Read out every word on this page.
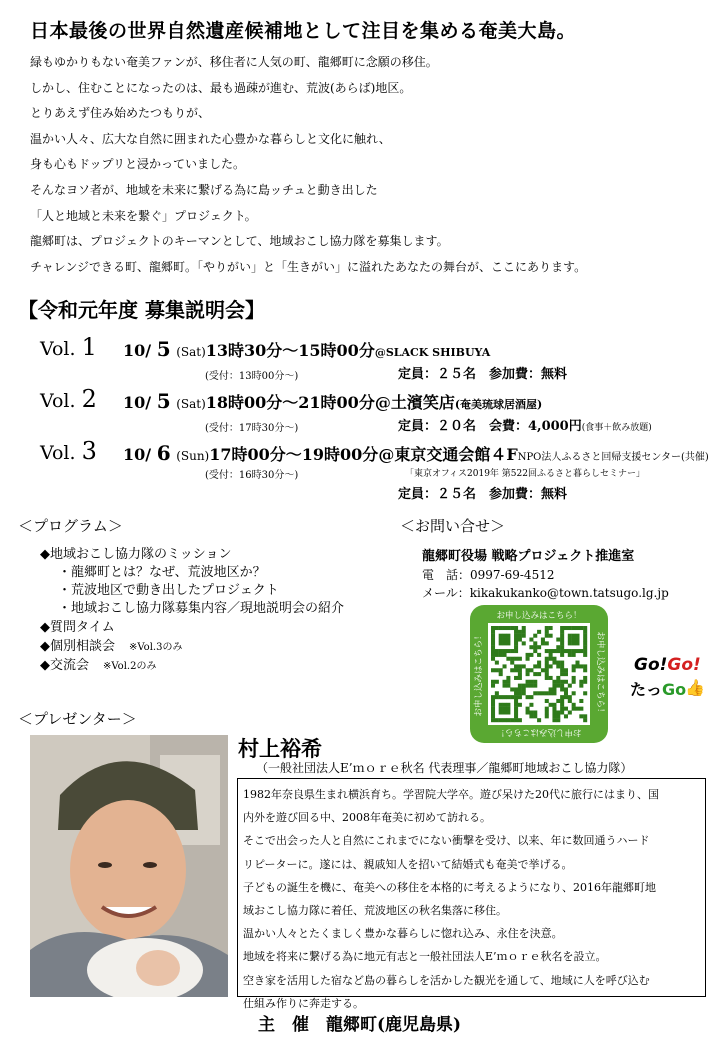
日本最後の世界自然遺産候補地として注目を集める奄美大島。
緑もゆかりもない奄美ファンが、移住者に人気の町、龍郷町に念願の移住。
しかし、住むことになったのは、最も過疎が進む、荒波(あらば)地区。
とりあえず住み始めたつもりが、
温かい人々、広大な自然に囲まれた心豊かな暮らしと文化に触れ、
身も心もドップリと浸かっていました。
そんなヨソ者が、地域を未来に繋げる為に島ッチュと動き出した
「人と地域と未来を繋ぐ」プロジェクト。
龍郷町は、プロジェクトのキーマンとして、地域おこし協力隊を募集します。
チャレンジできる町、龍郷町。「やりがい」と「生きがい」に溢れたあなたの舞台が、ここにあります。
【令和元年度 募集説明会】
Vol. 1 10/ 5 (Sat)13時30分～15時00分@SLACK SHIBUYA
(受付：13時00分～)	定員：２５名　参加費：無料
Vol. 2 10/ 5 (Sat)18時00分～21時00分@土濱笑店(奄美琉球居酒屋)
(受付：17時30分～)	定員：２０名　会費：4,000円(食事＋飲み放題)
Vol. 3 10/ 6 (Sun)17時00分～19時00分@東京交通会館４FNPO法人ふるさと回帰支援センター(共催)
(受付：16時30分～)	「東京オフィス2019年 第522回ふるさと暮らしセミナー」
定員：２５名　参加費：無料
＜プログラム＞
◆地域おこし協力隊のミッション
・龍郷町とは？なぜ、荒波地区か？
・荒波地区で動き出したプロジェクト
・地域おこし協力隊募集内容／現地説明会の紹介
◆質問タイム
◆個別相談会 ※Vol.3のみ
◆交流会 ※Vol.2のみ
＜お問い合せ＞
龍郷町役場 戦略プロジェクト推進室
電　話：0997-69-4512
メール：kikakukanko@town.tatsugo.lg.jp
お申し込みはこちら！
お申し込みはこちら！
お申し込みはこちら！	お申し込みはこちら！ Go!Go!
たっGo
👍
＜プレゼンター＞
村上裕希
（一般社団法人E’ｍｏｒｅ秋名 代表理事／龍郷町地域おこし協力隊）
1982年奈良県生まれ横浜育ち。学習院大学卒。遊び呆けた20代に旅行にはまり、国
内外を遊び回る中、2008年奄美に初めて訪れる。
そこで出会った人と自然にこれまでにない衝撃を受け、以来、年に数回通うハード
リピーターに。遂には、親戚知人を招いて結婚式も奄美で挙げる。
子どもの誕生を機に、奄美への移住を本格的に考えるようになり、2016年龍郷町地
域おこし協力隊に着任、荒波地区の秋名集落に移住。
温かい人々とたくましく豊かな暮らしに惚れ込み、永住を決意。
地域を将来に繋げる為に地元有志と一般社団法人E’ｍｏｒｅ秋名を設立。
空き家を活用した宿など島の暮らしを活かした観光を通して、地域に人を呼び込む
仕組み作りに奔走する。
主　催　龍郷町(鹿児島県)
